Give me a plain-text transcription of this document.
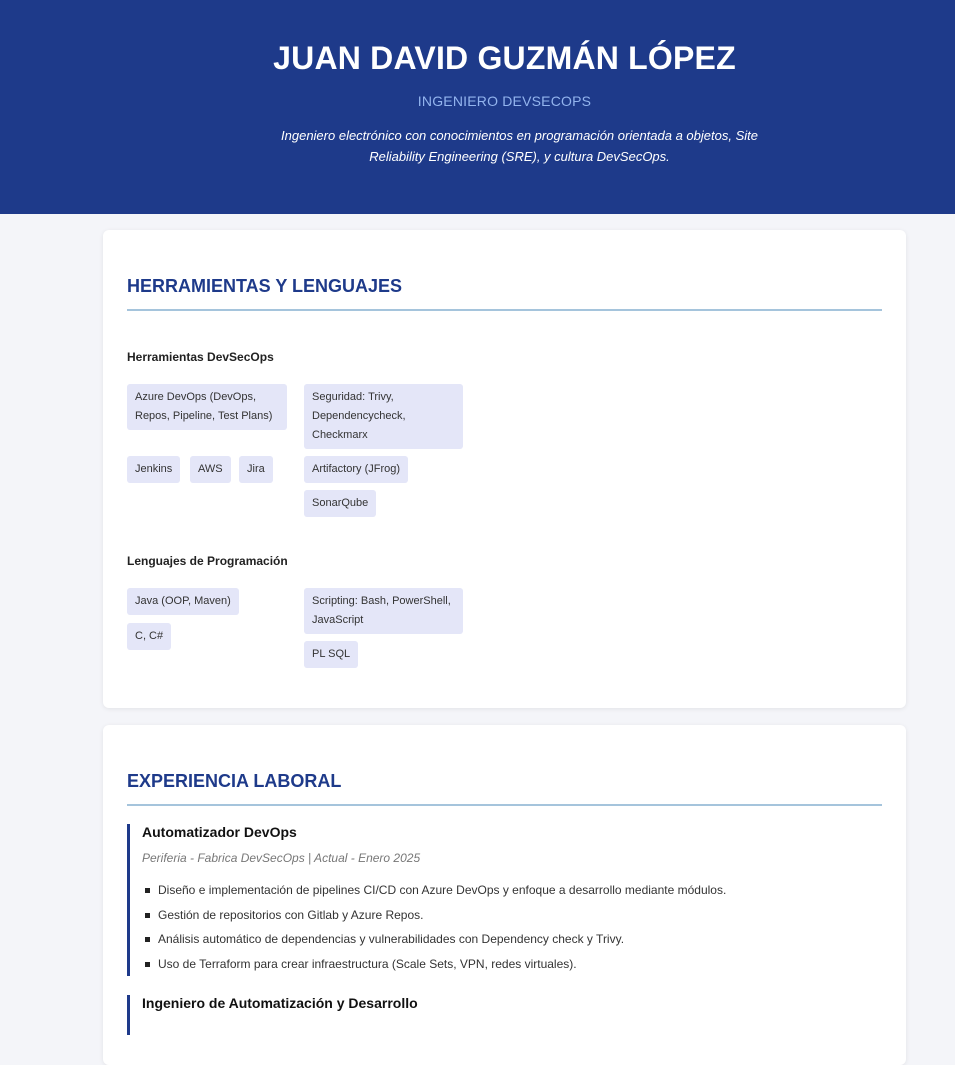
JUAN DAVID GUZMÁN LÓPEZ
INGENIERO DEVSECOPS
Ingeniero electrónico con conocimientos en programación orientada a objetos, Site Reliability Engineering (SRE), y cultura DevSecOps.
HERRAMIENTAS Y LENGUAJES
Herramientas DevSecOps
Azure DevOps (DevOps, Repos, Pipeline, Test Plans)
Seguridad: Trivy, Dependencycheck, Checkmarx
Jenkins	AWS	Jira	Artifactory (JFrog)
SonarQube
Lenguajes de Programación
Java (OOP, Maven)	Scripting: Bash, PowerShell, JavaScript
C, C#
PL SQL
EXPERIENCIA LABORAL
Automatizador DevOps
Periferia - Fabrica DevSecOps | Actual - Enero 2025
Diseño e implementación de pipelines CI/CD con Azure DevOps y enfoque a desarrollo mediante módulos.
Gestión de repositorios con Gitlab y Azure Repos.
Análisis automático de dependencias y vulnerabilidades con Dependency check y Trivy.
Uso de Terraform para crear infraestructura (Scale Sets, VPN, redes virtuales).
Ingeniero de Automatización y Desarrollo
